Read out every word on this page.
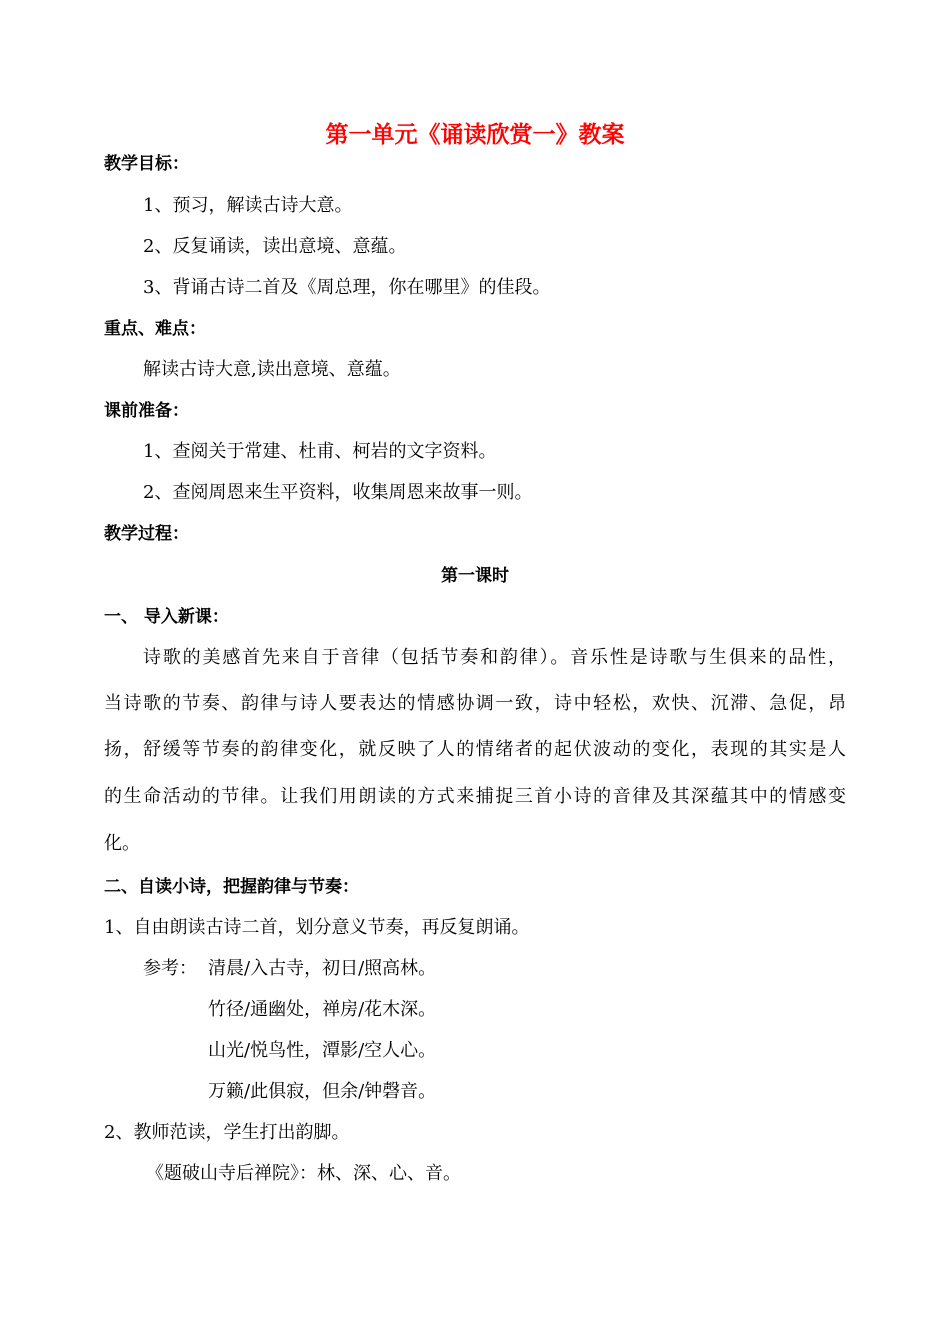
第一单元《诵读欣赏一》教案
教学目标：
1、预习，解读古诗大意。
2、反复诵读，读出意境、意蕴。
3、背诵古诗二首及《周总理，你在哪里》的佳段。
重点、难点：
解读古诗大意,读出意境、意蕴。
课前准备：
1、查阅关于常建、杜甫、柯岩的文字资料。
2、查阅周恩来生平资料，收集周恩来故事一则。
教学过程：
第一课时
一、 导入新课：
诗歌的美感首先来自于音律（包括节奏和韵律）。音乐性是诗歌与生俱来的品性，
当诗歌的节奏、韵律与诗人要表达的情感协调一致，诗中轻松，欢快、沉滞、急促，昂
扬，舒缓等节奏的韵律变化，就反映了人的情绪者的起伏波动的变化，表现的其实是人
的生命活动的节律。让我们用朗读的方式来捕捉三首小诗的音律及其深蕴其中的情感变
化。
二、自读小诗，把握韵律与节奏：
1、自由朗读古诗二首，划分意义节奏，再反复朗诵。
参考： 清晨/入古寺，初日/照高林。
竹径/通幽处，禅房/花木深。
山光/悦鸟性，潭影/空人心。
万籁/此俱寂，但余/钟磬音。
2、教师范读，学生打出韵脚。
《题破山寺后禅院》：林、深、心、音。
